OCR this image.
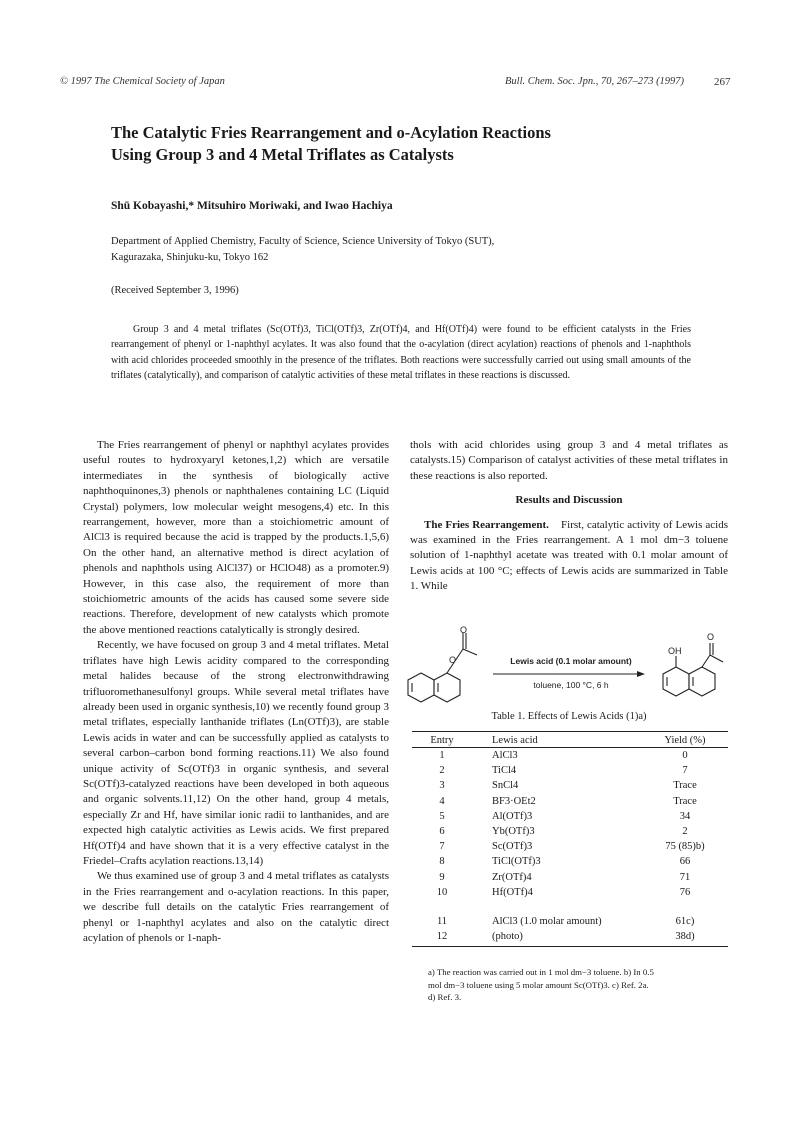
© 1997 The Chemical Society of Japan	Bull. Chem. Soc. Jpn., 70, 267–273 (1997)	267
The Catalytic Fries Rearrangement and o-Acylation Reactions
Using Group 3 and 4 Metal Triflates as Catalysts
Shū Kobayashi,* Mitsuhiro Moriwaki, and Iwao Hachiya
Department of Applied Chemistry, Faculty of Science, Science University of Tokyo (SUT),
Kagurazaka, Shinjuku-ku, Tokyo 162
(Received September 3, 1996)
Group 3 and 4 metal triflates (Sc(OTf)3, TiCl(OTf)3, Zr(OTf)4, and Hf(OTf)4) were found to be efficient catalysts in the Fries rearrangement of phenyl or 1-naphthyl acylates. It was also found that the o-acylation (direct acylation) reactions of phenols and 1-naphthols with acid chlorides proceeded smoothly in the presence of the triflates. Both reactions were successfully carried out using small amounts of the triflates (catalytically), and comparison of catalytic activities of these metal triflates in these reactions is discussed.

The Fries rearrangement of phenyl or naphthyl acylates provides useful routes to hydroxyaryl ketones,1,2) which are versatile intermediates in the synthesis of biologically active naphthoquinones,3) phenols or naphthalenes containing LC (Liquid Crystal) polymers, low molecular weight mesogens,4) etc. In this rearrangement, however, more than a stoichiometric amount of AlCl3 is required because the acid is trapped by the products.1,5,6) On the other hand, an alternative method is direct acylation of phenols and naphthols using AlCl37) or HClO48) as a promoter.9) However, in this case also, the requirement of more than stoichiometric amounts of the acids has caused some severe side reactions. Therefore, development of new catalysts which promote the above mentioned reactions catalytically is strongly desired.

Recently, we have focused on group 3 and 4 metal triflates. Metal triflates have high Lewis acidity compared to the corresponding metal halides because of the strong electronwithdrawing trifluoromethanesulfonyl groups. While several metal triflates have already been used in organic synthesis,10) we recently found group 3 metal triflates, especially lanthanide triflates (Ln(OTf)3), are stable Lewis acids in water and can be successfully applied as catalysts to several carbon–carbon bond forming reactions.11) We also found unique activity of Sc(OTf)3 in organic synthesis, and several Sc(OTf)3-catalyzed reactions have been developed in both aqueous and organic solvents.11,12) On the other hand, group 4 metals, especially Zr and Hf, have similar ionic radii to lanthanides, and are expected high catalytic activities as Lewis acids. We first prepared Hf(OTf)4 and have shown that it is a very effective catalyst in the Friedel–Crafts acylation reactions.13,14)

We thus examined use of group 3 and 4 metal triflates as catalysts in the Fries rearrangement and o-acylation reactions. In this paper, we describe full details on the catalytic Fries rearrangement of phenyl or 1-naphthyl acylates and also on the catalytic direct acylation of phenols or 1-naph-

thols with acid chlorides using group 3 and 4 metal triflates as catalysts.15) Comparison of catalyst activities of these metal triflates in these reactions is also reported.

Results and Discussion

The Fries Rearrangement. First, catalytic activity of Lewis acids was examined in the Fries rearrangement. A 1 mol dm−3 toluene solution of 1-naphthyl acetate was treated with 0.1 molar amount of Lewis acids at 100 °C; effects of Lewis acids are summarized in Table 1. While

O
O
Lewis acid (0.1 molar amount)
toluene, 100 °C, 6 h
OH
O
Table 1. Effects of Lewis Acids (1)a)
Entry	Lewis acid	Yield (%)
1	AlCl3	0
2	TiCl4	7
3	SnCl4	Trace
4	BF3·OEt2	Trace
5	Al(OTf)3	34
6	Yb(OTf)3	2
7	Sc(OTf)3	75 (85)b)
8	TiCl(OTf)3	66
9	Zr(OTf)4	71
10	Hf(OTf)4	76

11	AlCl3 (1.0 molar amount)	61c)
12	(photo)	38d)
a) The reaction was carried out in 1 mol dm−3 toluene. b) In 0.5
mol dm−3 toluene using 5 molar amount Sc(OTf)3. c) Ref. 2a.
d) Ref. 3.
